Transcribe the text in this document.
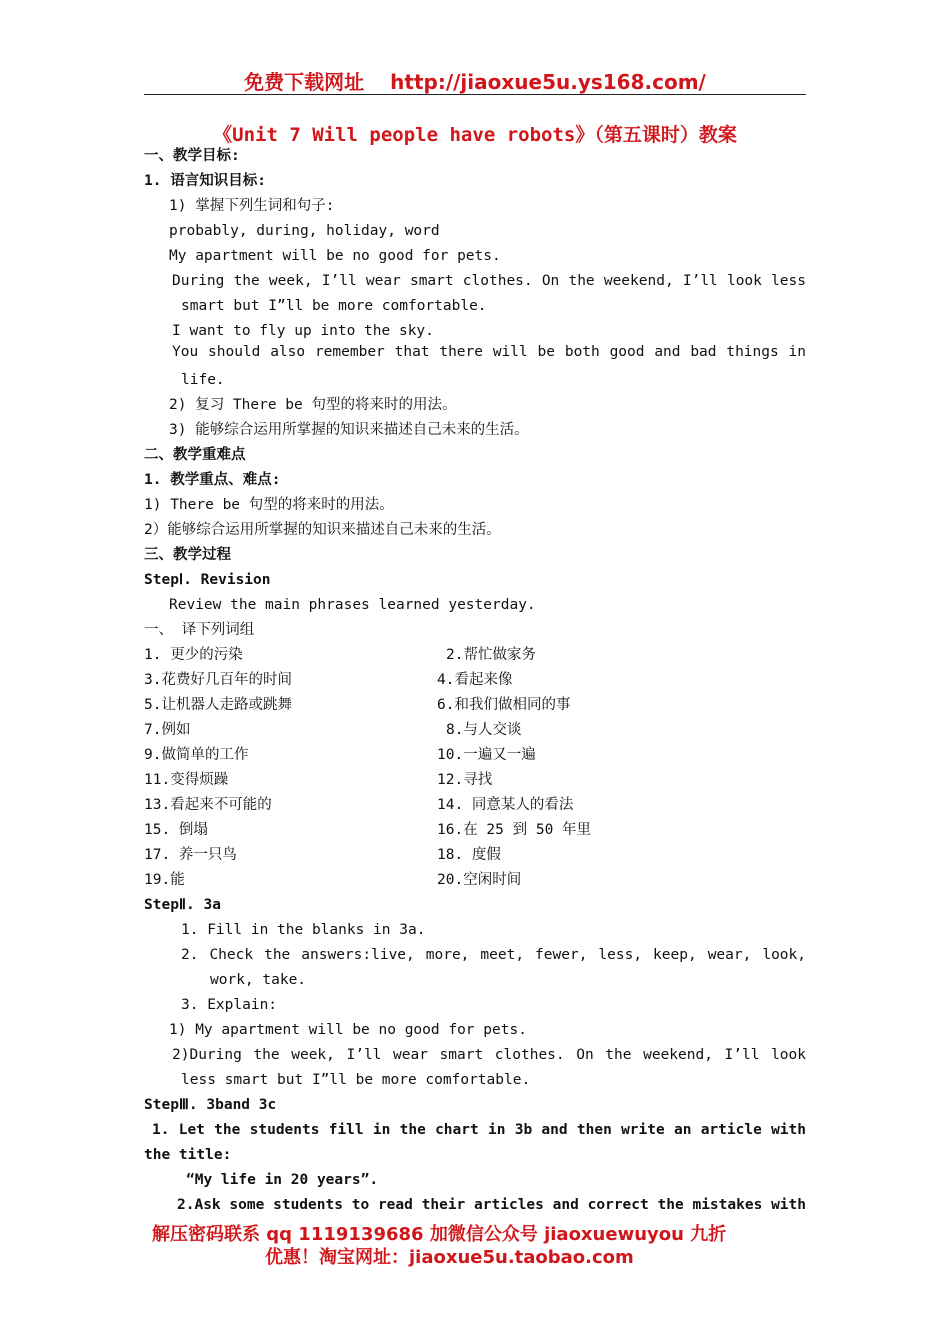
免费下载网址 http://jiaoxue5u.ys168.com/
《Unit 7 Will people have robots》（第五课时）教案
一、教学目标:
1. 语言知识目标:
1) 掌握下列生词和句子:
probably, during, holiday, word
My apartment will be no good for pets.
During the week, I’ll wear smart clothes. On the weekend, I’ll look less
smart but I”ll be more comfortable.
I want to fly up into the sky.
You should also remember that there will be both good and bad things in
life.
2) 复习 There be 句型的将来时的用法。
3) 能够综合运用所掌握的知识来描述自己未来的生活。
二、教学重难点
1. 教学重点、难点:
1) There be 句型的将来时的用法。
2）能够综合运用所掌握的知识来描述自己未来的生活。
三、教学过程
StepⅠ. Revision
Review the main phrases learned yesterday.
一、 译下列词组
1. 更少的污染	2.帮忙做家务
3.花费好几百年的时间	4.看起来像
5.让机器人走路或跳舞	6.和我们做相同的事
7.例如	8.与人交谈
9.做简单的工作	10.一遍又一遍
11.变得烦躁	12.寻找
13.看起来不可能的	14. 同意某人的看法
15. 倒塌	16.在 25 到 50 年里
17. 养一只鸟	18. 度假
19.能	20.空闲时间
StepⅡ. 3a
1. Fill in the blanks in 3a.
2. Check the answers:live, more, meet, fewer, less, keep, wear, look,
work, take.
3. Explain:
1) My apartment will be no good for pets.
2)During the week, I’ll wear smart clothes. On the weekend, I’ll look
less smart but I”ll be more comfortable.
StepⅢ. 3band 3c
1. Let the students fill in the chart in 3b and then write an article with
the title:
“My life in 20 years”.
2.Ask some students to read their articles and correct the mistakes with
解压密码联系 qq 1119139686 加微信公众号 jiaoxuewuyou 九折
优惠！淘宝网址：jiaoxue5u.taobao.com
